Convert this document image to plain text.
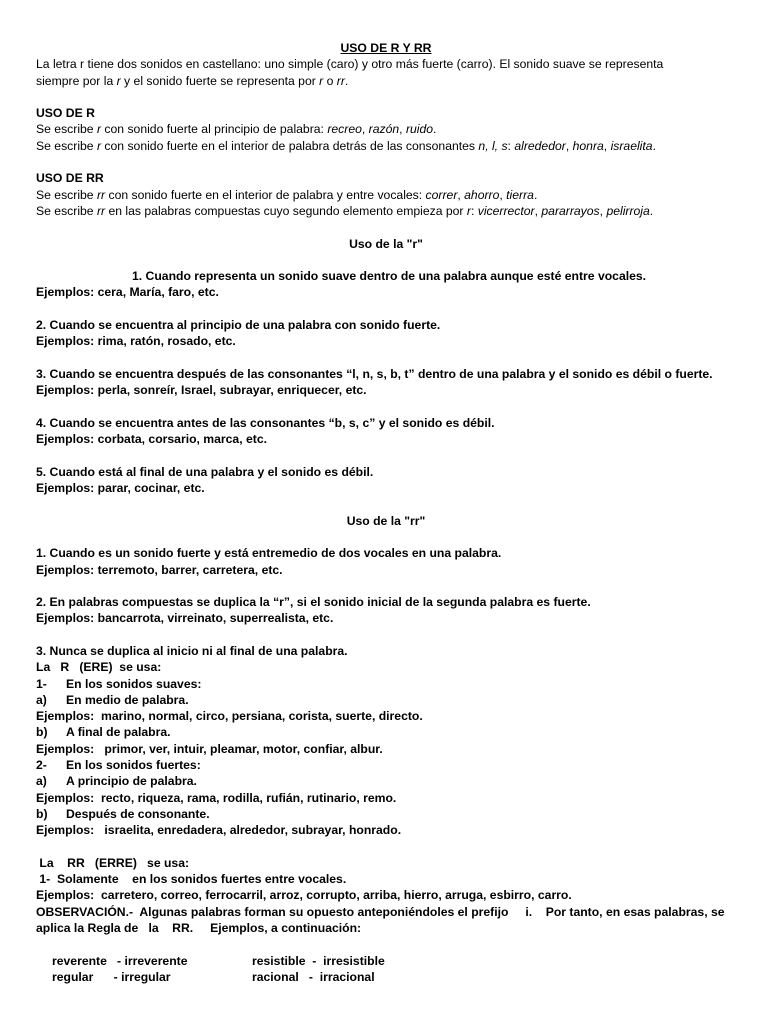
USO DE R Y RR

La letra r tiene dos sonidos en castellano: uno simple (caro) y otro más fuerte (carro). El sonido suave se representa

siempre por la r y el sonido fuerte se representa por r o rr.

USO DE R

Se escribe r con sonido fuerte al principio de palabra: recreo, razón, ruido.

Se escribe r con sonido fuerte en el interior de palabra detrás de las consonantes n, l, s: alrededor, honra, israelita.

USO DE RR

Se escribe rr con sonido fuerte en el interior de palabra y entre vocales: correr, ahorro, tierra.

Se escribe rr en las palabras compuestas cuyo segundo elemento empieza por r: vicerrector, pararrayos, pelirroja.

Uso de la "r"

1. Cuando representa un sonido suave dentro de una palabra aunque esté entre vocales.

Ejemplos: cera, María, faro, etc.

2. Cuando se encuentra al principio de una palabra con sonido fuerte.

Ejemplos: rima, ratón, rosado, etc.

3. Cuando se encuentra después de las consonantes “l, n, s, b, t” dentro de una palabra y el sonido es débil o fuerte.

Ejemplos: perla, sonreír, Israel, subrayar, enriquecer, etc.

4. Cuando se encuentra antes de las consonantes “b, s, c” y el sonido es débil.

Ejemplos: corbata, corsario, marca, etc.

5. Cuando está al final de una palabra y el sonido es débil.

Ejemplos: parar, cocinar, etc.

Uso de la "rr"

1. Cuando es un sonido fuerte y está entremedio de dos vocales en una palabra.

Ejemplos: terremoto, barrer, carretera, etc.

2. En palabras compuestas se duplica la “r”, si el sonido inicial de la segunda palabra es fuerte.

Ejemplos: bancarrota, virreinato, superrealista, etc.

3. Nunca se duplica al inicio ni al final de una palabra.

La   R   (ERE)  se usa:

1- En los sonidos suaves:

a) En medio de palabra.

Ejemplos:  marino, normal, circo, persiana, corista, suerte, directo.

b) A final de palabra.

Ejemplos:   primor, ver, intuir, pleamar, motor, confiar, albur.

2- En los sonidos fuertes:

a) A principio de palabra.

Ejemplos:  recto, riqueza, rama, rodilla, rufián, rutinario, remo.

b) Después de consonante.

Ejemplos:   israelita, enredadera, alrededor, subrayar, honrado.

La    RR   (ERRE)   se usa:

1-  Solamente    en los sonidos fuertes entre vocales.

Ejemplos:  carretero, correo, ferrocarril, arroz, corrupto, arriba, hierro, arruga, esbirro, carro.

OBSERVACIÓN.-  Algunas palabras forman su opuesto anteponiéndoles el prefijo     i.    Por tanto, en esas palabras, se

aplica la Regla de   la    RR.     Ejemplos, a continuación:

reverente   - irreverente	resistible  -  irresistible

regular      - irregular	racional   -  irracional
